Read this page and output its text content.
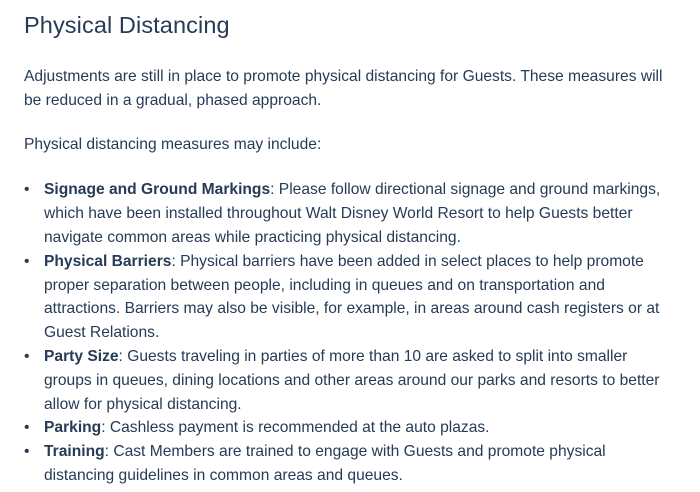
Physical Distancing

Adjustments are still in place to promote physical distancing for Guests. These measures will be reduced in a gradual, phased approach.

Physical distancing measures may include:

• Signage and Ground Markings: Please follow directional signage and ground markings, which have been installed throughout Walt Disney World Resort to help Guests better navigate common areas while practicing physical distancing.
• Physical Barriers: Physical barriers have been added in select places to help promote proper separation between people, including in queues and on transportation and attractions. Barriers may also be visible, for example, in areas around cash registers or at Guest Relations.
• Party Size: Guests traveling in parties of more than 10 are asked to split into smaller groups in queues, dining locations and other areas around our parks and resorts to better allow for physical distancing.
• Parking: Cashless payment is recommended at the auto plazas.
• Training: Cast Members are trained to engage with Guests and promote physical distancing guidelines in common areas and queues.
